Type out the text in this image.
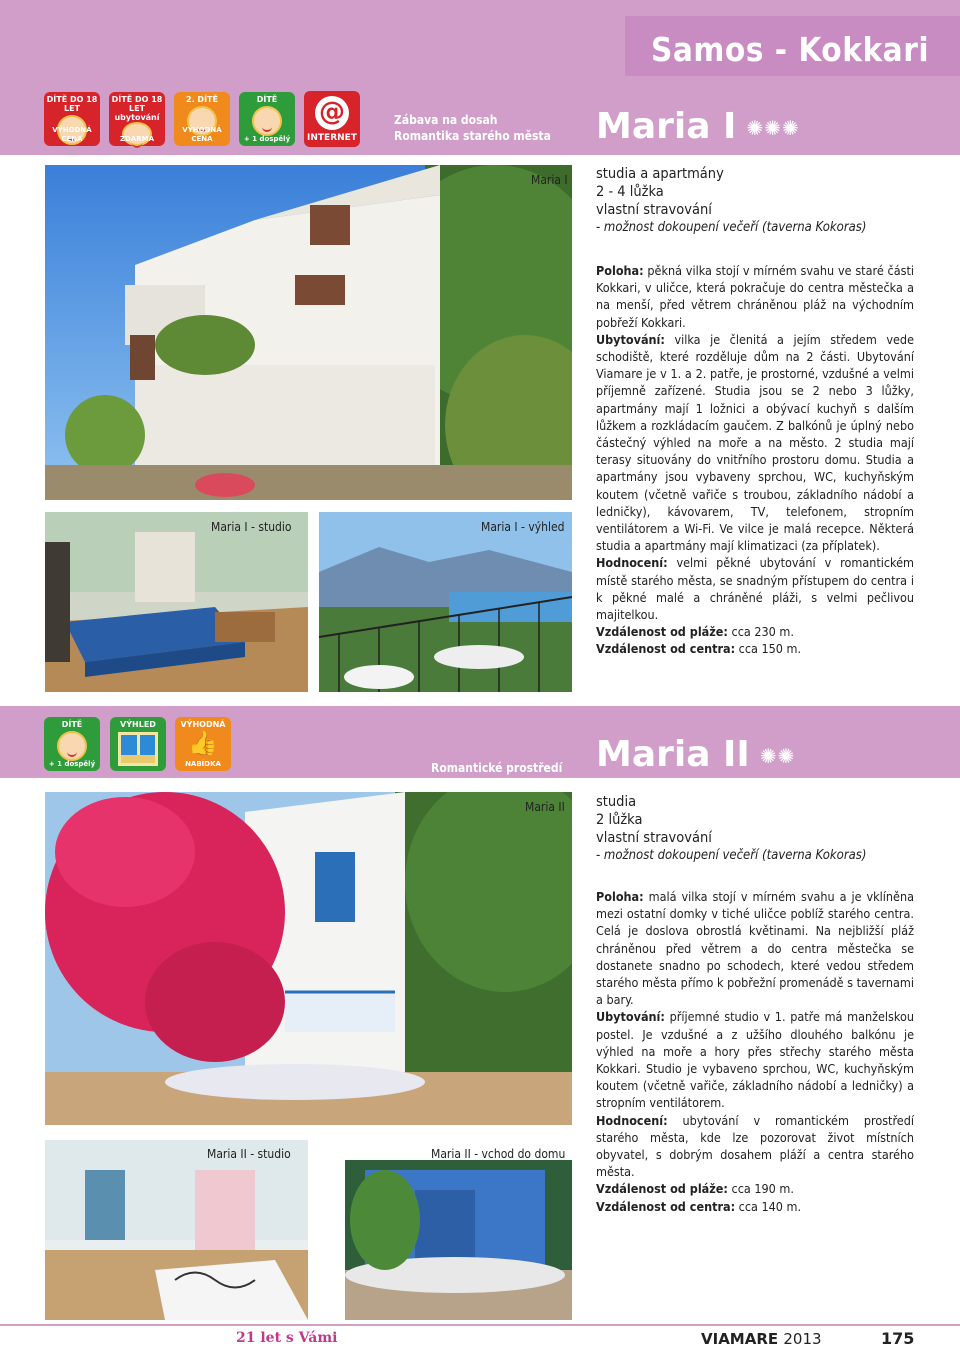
Samos - Kokkari
DÍTĚ DO 18 LET
VÝHODNÁ CENA
DÍTĚ DO 18 LET ubytování
ZDARMA
2. DÍTĚ
VÝHODNÁ CENA
DÍTĚ
+ 1 dospělý
@
INTERNET
Zábava na dosah
Romantika starého města Maria I ✺✺✺
Maria I
Maria I - studio	Maria I - výhled
studia a apartmány
2 - 4 lůžka
vlastní stravování
- možnost dokoupení večeří (taverna Kokoras)

Poloha: pěkná vilka stojí v mírném svahu ve staré části Kokkari, v uličce, která pokračuje do centra městečka a na menší, před větrem chráněnou pláž na východním pobřeží Kokkari.

Ubytování: vilka je členitá a jejím středem vede schodiště, které rozděluje dům na 2 části. Ubytování Viamare je v 1. a 2. patře, je prostorné, vzdušné a velmi příjemně zařízené. Studia jsou se 2 nebo 3 lůžky, apartmány mají 1 ložnici a obývací kuchyň s dalším lůžkem a rozkládacím gaučem. Z balkónů je úplný nebo částečný výhled na moře a na město. 2 studia mají terasy situovány do vnitřního prostoru domu. Studia a apartmány jsou vybaveny sprchou, WC, kuchyňským koutem (včetně vařiče s troubou, základního nádobí a ledničky), kávovarem, TV, telefonem, stropním ventilátorem a Wi-Fi. Ve vilce je malá recepce. Některá studia a apartmány mají klimatizaci (za příplatek).

Hodnocení: velmi pěkné ubytování v romantickém místě starého města, se snadným přístupem do centra i k pěkné malé a chráněné pláži, s velmi pečlivou majitelkou.

Vzdálenost od pláže: cca 230 m.

Vzdálenost od centra: cca 150 m.

DÍTĚ
+ 1 dospělý
VÝHLED	VÝHODNÁ
👍
NABÍDKA	Romantické prostředí Maria II ✺✺
Maria II
Maria II - studio	Maria II - vchod do domu
studia
2 lůžka
vlastní stravování
- možnost dokoupení večeří (taverna Kokoras)

Poloha: malá vilka stojí v mírném svahu a je vklíněna mezi ostatní domky v tiché uličce poblíž starého centra. Celá je doslova obrostlá květinami. Na nejbližší pláž chráněnou před větrem a do centra městečka se dostanete snadno po schodech, které vedou středem starého města přímo k pobřežní promenádě s tavernami a bary.

Ubytování: příjemné studio v 1. patře má manželskou postel. Je vzdušné a z užšího dlouhého balkónu je výhled na moře a hory přes střechy starého města Kokkari. Studio je vybaveno sprchou, WC, kuchyňským koutem (včetně vařiče, základního nádobí a ledničky) a stropním ventilátorem.

Hodnocení: ubytování v romantickém prostředí starého města, kde lze pozorovat život místních obyvatel, s dobrým dosahem pláží a centra starého města.

Vzdálenost od pláže: cca 190 m.

Vzdálenost od centra: cca 140 m.

21 let s Vámi	VIAMARE 2013	175
